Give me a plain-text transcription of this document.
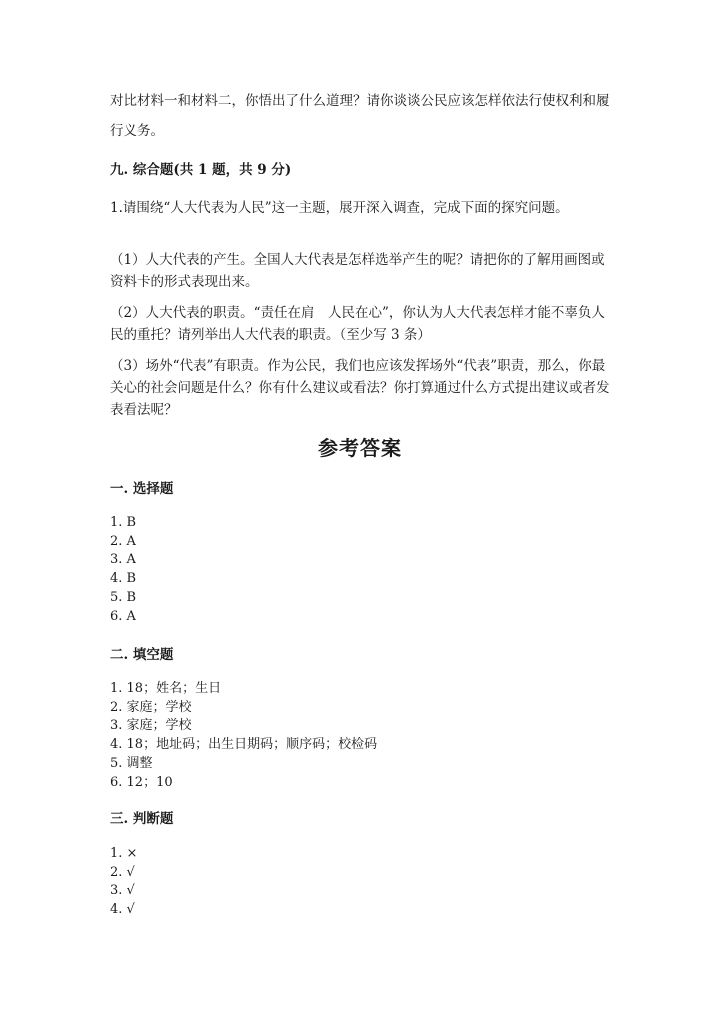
对比材料一和材料二，你悟出了什么道理？请你谈谈公民应该怎样依法行使权利和履行义务。

九. 综合题(共 1 题，共 9 分)

1.请围绕“人大代表为人民”这一主题，展开深入调查，完成下面的探究问题。

（1）人大代表的产生。全国人大代表是怎样选举产生的呢？请把你的了解用画图或资料卡的形式表现出来。

（2）人大代表的职责。“责任在肩　人民在心”，你认为人大代表怎样才能不辜负人民的重托？请列举出人大代表的职责。（至少写 3 条）

（3）场外“代表”有职责。作为公民，我们也应该发挥场外“代表”职责，那么，你最关心的社会问题是什么？你有什么建议或看法？你打算通过什么方式提出建议或者发表看法呢？

参考答案

一. 选择题

1. B
2. A
3. A
4. B
5. B
6. A

二. 填空题

1. 18；姓名；生日
2. 家庭；学校
3. 家庭；学校
4. 18；地址码；出生日期码；顺序码；校检码
5. 调整
6. 12；10

三. 判断题

1. ×
2. √
3. √
4. √
